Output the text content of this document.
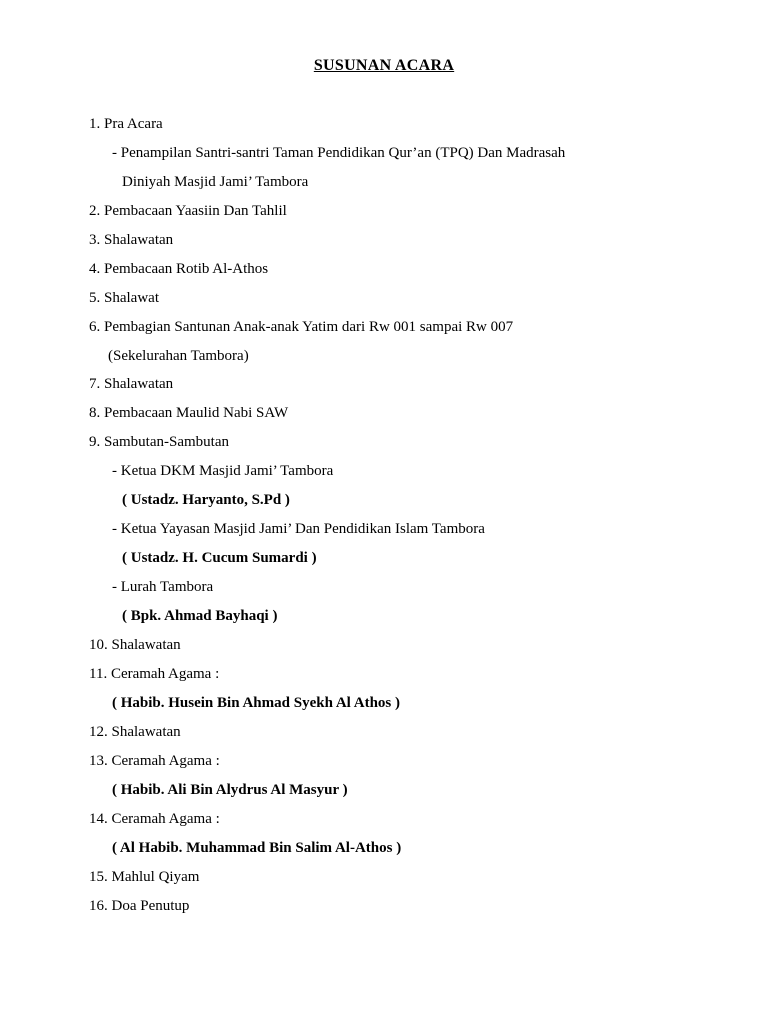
SUSUNAN ACARA
1. Pra Acara
- Penampilan Santri-santri Taman Pendidikan Qur’an (TPQ) Dan Madrasah
Diniyah Masjid Jami’ Tambora
2. Pembacaan Yaasiin Dan Tahlil
3. Shalawatan
4. Pembacaan Rotib Al-Athos
5. Shalawat
6. Pembagian Santunan Anak-anak Yatim dari Rw 001 sampai Rw 007
(Sekelurahan Tambora)
7. Shalawatan
8. Pembacaan Maulid Nabi SAW
9. Sambutan-Sambutan
- Ketua DKM Masjid Jami’ Tambora
( Ustadz. Haryanto, S.Pd )
- Ketua Yayasan Masjid Jami’ Dan Pendidikan Islam Tambora
( Ustadz. H. Cucum Sumardi )
- Lurah Tambora
( Bpk. Ahmad Bayhaqi )
10. Shalawatan
11. Ceramah Agama :
( Habib. Husein Bin Ahmad Syekh Al Athos )
12. Shalawatan
13. Ceramah Agama :
( Habib. Ali Bin Alydrus Al Masyur )
14. Ceramah Agama :
( Al Habib. Muhammad Bin Salim Al-Athos )
15. Mahlul Qiyam
16. Doa Penutup
